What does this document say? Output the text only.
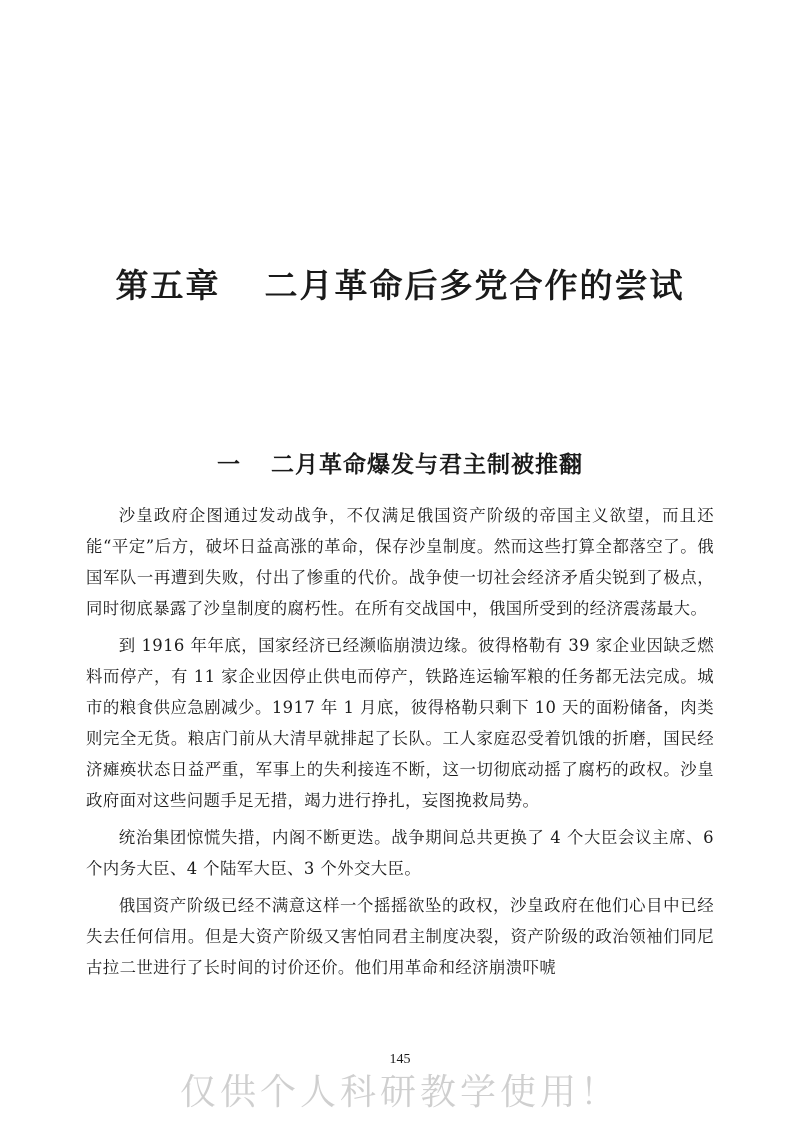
第五章 二月革命后多党合作的尝试
一 二月革命爆发与君主制被推翻

沙皇政府企图通过发动战争，不仅满足俄国资产阶级的帝国主义欲望，而且还能“平定”后方，破坏日益高涨的革命，保存沙皇制度。然而这些打算全都落空了。俄国军队一再遭到失败，付出了惨重的代价。战争使一切社会经济矛盾尖锐到了极点，同时彻底暴露了沙皇制度的腐朽性。在所有交战国中，俄国所受到的经济震荡最大。

到 1916 年年底，国家经济已经濒临崩溃边缘。彼得格勒有 39 家企业因缺乏燃料而停产，有 11 家企业因停止供电而停产，铁路连运输军粮的任务都无法完成。城市的粮食供应急剧减少。1917 年 1 月底，彼得格勒只剩下 10 天的面粉储备，肉类则完全无货。粮店门前从大清早就排起了长队。工人家庭忍受着饥饿的折磨，国民经济瘫痪状态日益严重，军事上的失利接连不断，这一切彻底动摇了腐朽的政权。沙皇政府面对这些问题手足无措，竭力进行挣扎，妄图挽救局势。

统治集团惊慌失措，内阁不断更迭。战争期间总共更换了 4 个大臣会议主席、6 个内务大臣、4 个陆军大臣、3 个外交大臣。

俄国资产阶级已经不满意这样一个摇摇欲坠的政权，沙皇政府在他们心目中已经失去任何信用。但是大资产阶级又害怕同君主制度决裂，资产阶级的政治领袖们同尼古拉二世进行了长时间的讨价还价。他们用革命和经济崩溃吓唬

145
仅供个人科研教学使用！
